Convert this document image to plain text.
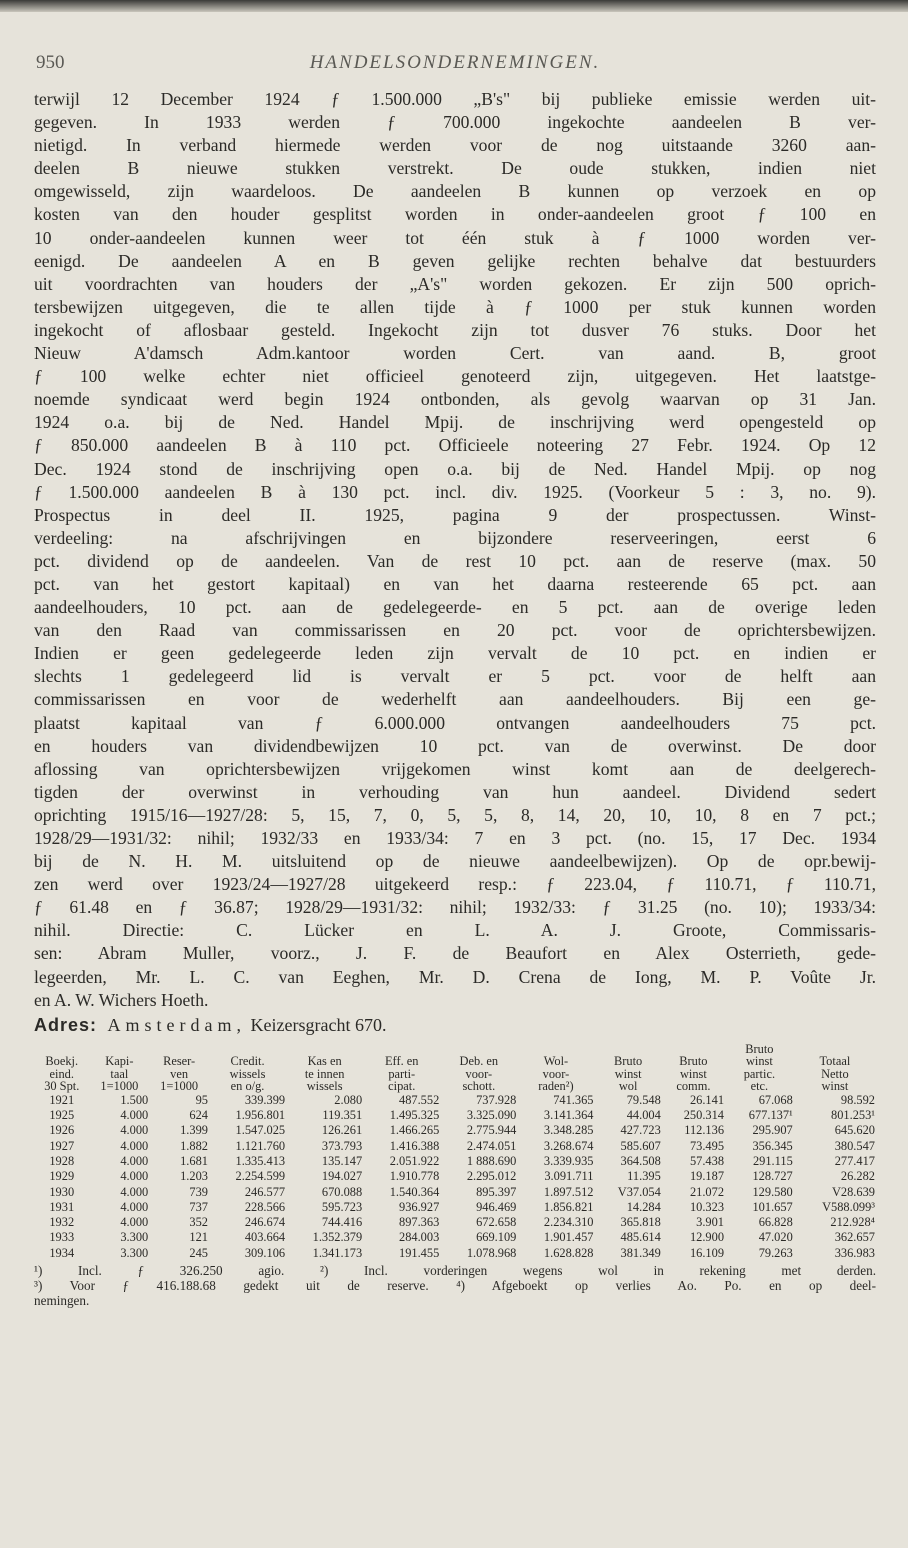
950	HANDELSONDERNEMINGEN.
terwijl 12 December 1924 ƒ 1.500.000 „B's" bij publieke emissie werden uit-
gegeven. In 1933 werden ƒ 700.000 ingekochte aandeelen B ver-
nietigd. In verband hiermede werden voor de nog uitstaande 3260 aan-
deelen B nieuwe stukken verstrekt. De oude stukken, indien niet
omgewisseld, zijn waardeloos. De aandeelen B kunnen op verzoek en op
kosten van den houder gesplitst worden in onder-aandeelen groot ƒ 100 en
10 onder-aandeelen kunnen weer tot één stuk à ƒ 1000 worden ver-
eenigd. De aandeelen A en B geven gelijke rechten behalve dat bestuurders
uit voordrachten van houders der „A's" worden gekozen. Er zijn 500 oprich-
tersbewijzen uitgegeven, die te allen tijde à ƒ 1000 per stuk kunnen worden
ingekocht of aflosbaar gesteld. Ingekocht zijn tot dusver 76 stuks. Door het
Nieuw A'damsch Adm.kantoor worden Cert. van aand. B, groot
ƒ 100 welke echter niet officieel genoteerd zijn, uitgegeven. Het laatstge-
noemde syndicaat werd begin 1924 ontbonden, als gevolg waarvan op 31 Jan.
1924 o.a. bij de Ned. Handel Mpij. de inschrijving werd opengesteld op
ƒ 850.000 aandeelen B à 110 pct. Officieele noteering 27 Febr. 1924. Op 12
Dec. 1924 stond de inschrijving open o.a. bij de Ned. Handel Mpij. op nog
ƒ 1.500.000 aandeelen B à 130 pct. incl. div. 1925. (Voorkeur 5 : 3, no. 9).
Prospectus in deel II. 1925, pagina 9 der prospectussen. Winst-
verdeeling: na afschrijvingen en bijzondere reserveeringen, eerst 6
pct. dividend op de aandeelen. Van de rest 10 pct. aan de reserve (max. 50
pct. van het gestort kapitaal) en van het daarna resteerende 65 pct. aan
aandeelhouders, 10 pct. aan de gedelegeerde- en 5 pct. aan de overige leden
van den Raad van commissarissen en 20 pct. voor de oprichtersbewijzen.
Indien er geen gedelegeerde leden zijn vervalt de 10 pct. en indien er
slechts 1 gedelegeerd lid is vervalt er 5 pct. voor de helft aan
commissarissen en voor de wederhelft aan aandeelhouders. Bij een ge-
plaatst kapitaal van ƒ 6.000.000 ontvangen aandeelhouders 75 pct.
en houders van dividendbewijzen 10 pct. van de overwinst. De door
aflossing van oprichtersbewijzen vrijgekomen winst komt aan de deelgerech-
tigden der overwinst in verhouding van hun aandeel. Dividend sedert
oprichting 1915/16—1927/28: 5, 15, 7, 0, 5, 5, 8, 14, 20, 10, 10, 8 en 7 pct.;
1928/29—1931/32: nihil; 1932/33 en 1933/34: 7 en 3 pct. (no. 15, 17 Dec. 1934
bij de N. H. M. uitsluitend op de nieuwe aandeelbewijzen). Op de opr.bewij-
zen werd over 1923/24—1927/28 uitgekeerd resp.: ƒ 223.04, ƒ 110.71, ƒ 110.71,
ƒ 61.48 en ƒ 36.87; 1928/29—1931/32: nihil; 1932/33: ƒ 31.25 (no. 10); 1933/34:
nihil. Directie: C. Lücker en L. A. J. Groote, Commissaris-
sen: Abram Muller, voorz., J. F. de Beaufort en Alex Osterrieth, gede-
legeerden, Mr. L. C. van Eeghen, Mr. D. Crena de Iong, M. P. Voûte Jr.
en A. W. Wichers Hoeth.
Adres: Amsterdam, Keizersgracht 670.
										Bruto	
Boekj.	Kapi-	Reser-	Credit.	Kas en	Eff. en	Deb. en	Wol-	Bruto	Bruto	winst	Totaal
eind.	taal	ven	wissels	te innen	parti-	voor-	voor-	winst	winst	partic.	Netto
30 Spt.	1=1000	1=1000	en o/g.	wissels	cipat.	schott.	raden²)	wol	comm.	etc.	winst
1921	1.500	95	339.399	2.080	487.552	737.928	741.365	79.548	26.141	67.068	98.592
1925	4.000	624	1.956.801	119.351	1.495.325	3.325.090	3.141.364	44.004	250.314	677.137¹	801.253¹
1926	4.000	1.399	1.547.025	126.261	1.466.265	2.775.944	3.348.285	427.723	112.136	295.907	645.620
1927	4.000	1.882	1.121.760	373.793	1.416.388	2.474.051	3.268.674	585.607	73.495	356.345	380.547
1928	4.000	1.681	1.335.413	135.147	2.051.922	1 888.690	3.339.935	364.508	57.438	291.115	277.417
1929	4.000	1.203	2.254.599	194.027	1.910.778	2.295.012	3.091.711	11.395	19.187	128.727	26.282
1930	4.000	739	246.577	670.088	1.540.364	895.397	1.897.512	V37.054	21.072	129.580	V28.639
1931	4.000	737	228.566	595.723	936.927	946.469	1.856.821	14.284	10.323	101.657	V588.099³
1932	4.000	352	246.674	744.416	897.363	672.658	2.234.310	365.818	3.901	66.828	212.928⁴
1933	3.300	121	403.664	1.352.379	284.003	669.109	1.901.457	485.614	12.900	47.020	362.657
1934	3.300	245	309.106	1.341.173	191.455	1.078.968	1.628.828	381.349	16.109	79.263	336.983
¹) Incl. ƒ 326.250 agio. ²) Incl. vorderingen wegens wol in rekening met derden.
³) Voor ƒ 416.188.68 gedekt uit de reserve. ⁴) Afgeboekt op verlies Ao. Po. en op deel-
nemingen.
